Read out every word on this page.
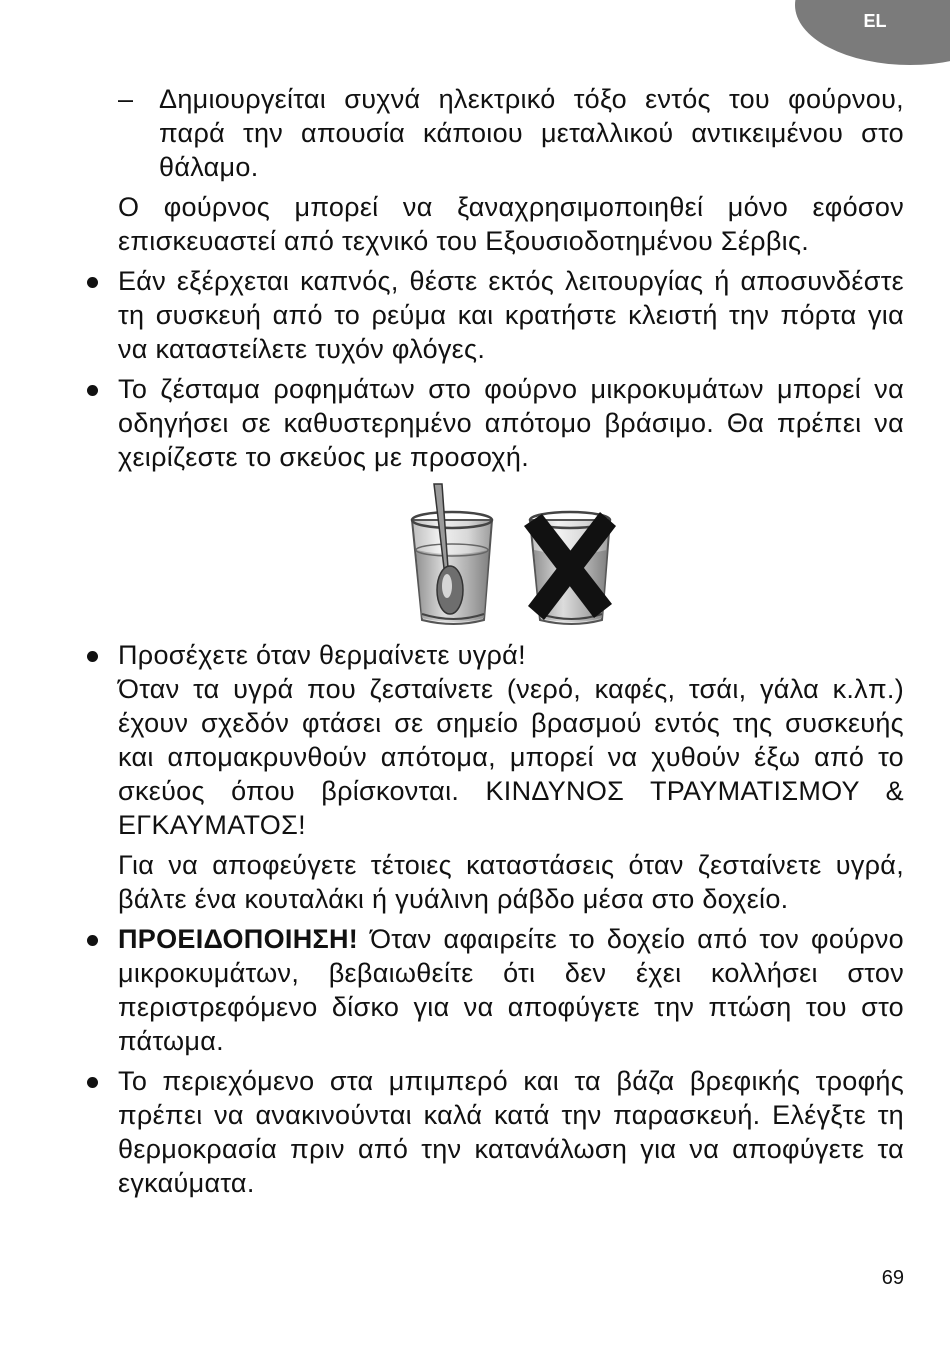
EL
– Δημιουργείται συχνά ηλεκτρικό τόξο εντός του φούρνου, παρά την απουσία κάποιου μεταλλικού αντικειμένου στο θάλαμο.
Ο φούρνος μπορεί να ξαναχρησιμοποιηθεί μόνο εφόσον επισκευαστεί από τεχνικό του Εξουσιοδοτημένου Σέρβις.
Εάν εξέρχεται καπνός, θέστε εκτός λειτουργίας ή αποσυνδέστε τη συσκευή από το ρεύμα και κρατήστε κλειστή την πόρτα για να καταστείλετε τυχόν φλόγες.
Το ζέσταμα ροφημάτων στο φούρνο μικροκυμάτων μπορεί να οδηγήσει σε καθυστερημένο απότομο βράσιμο. Θα πρέπει να χειρίζεστε το σκεύος με προσοχή.
Προσέχετε όταν θερμαίνετε υγρά!
Όταν τα υγρά που ζεσταίνετε (νερό, καφές, τσάι, γάλα κ.λπ.) έχουν σχεδόν φτάσει σε σημείο βρασμού εντός της συσκευής και απομακρυνθούν απότομα, μπορεί να χυθούν έξω από το σκεύος όπου βρίσκονται. ΚΙΝΔΥΝΟΣ ΤΡΑΥΜΑΤΙΣΜΟΥ & ΕΓΚΑΥΜΑΤΟΣ!
Για να αποφεύγετε τέτοιες καταστάσεις όταν ζεσταίνετε υγρά, βάλτε ένα κουταλάκι ή γυάλινη ράβδο μέσα στο δοχείο.
ΠΡΟΕΙΔΟΠΟΙΗΣΗ! Όταν αφαιρείτε το δοχείο από τον φούρνο μικροκυμάτων, βεβαιωθείτε ότι δεν έχει κολλήσει στον περιστρεφόμενο δίσκο για να αποφύγετε την πτώση του στο πάτωμα.
Το περιεχόμενο στα μπιμπερό και τα βάζα βρεφικής τροφής πρέπει να ανακινούνται καλά κατά την παρασκευή. Ελέγξτε τη θερμοκρασία πριν από την κατανάλωση για να αποφύγετε τα εγκαύματα.
69
